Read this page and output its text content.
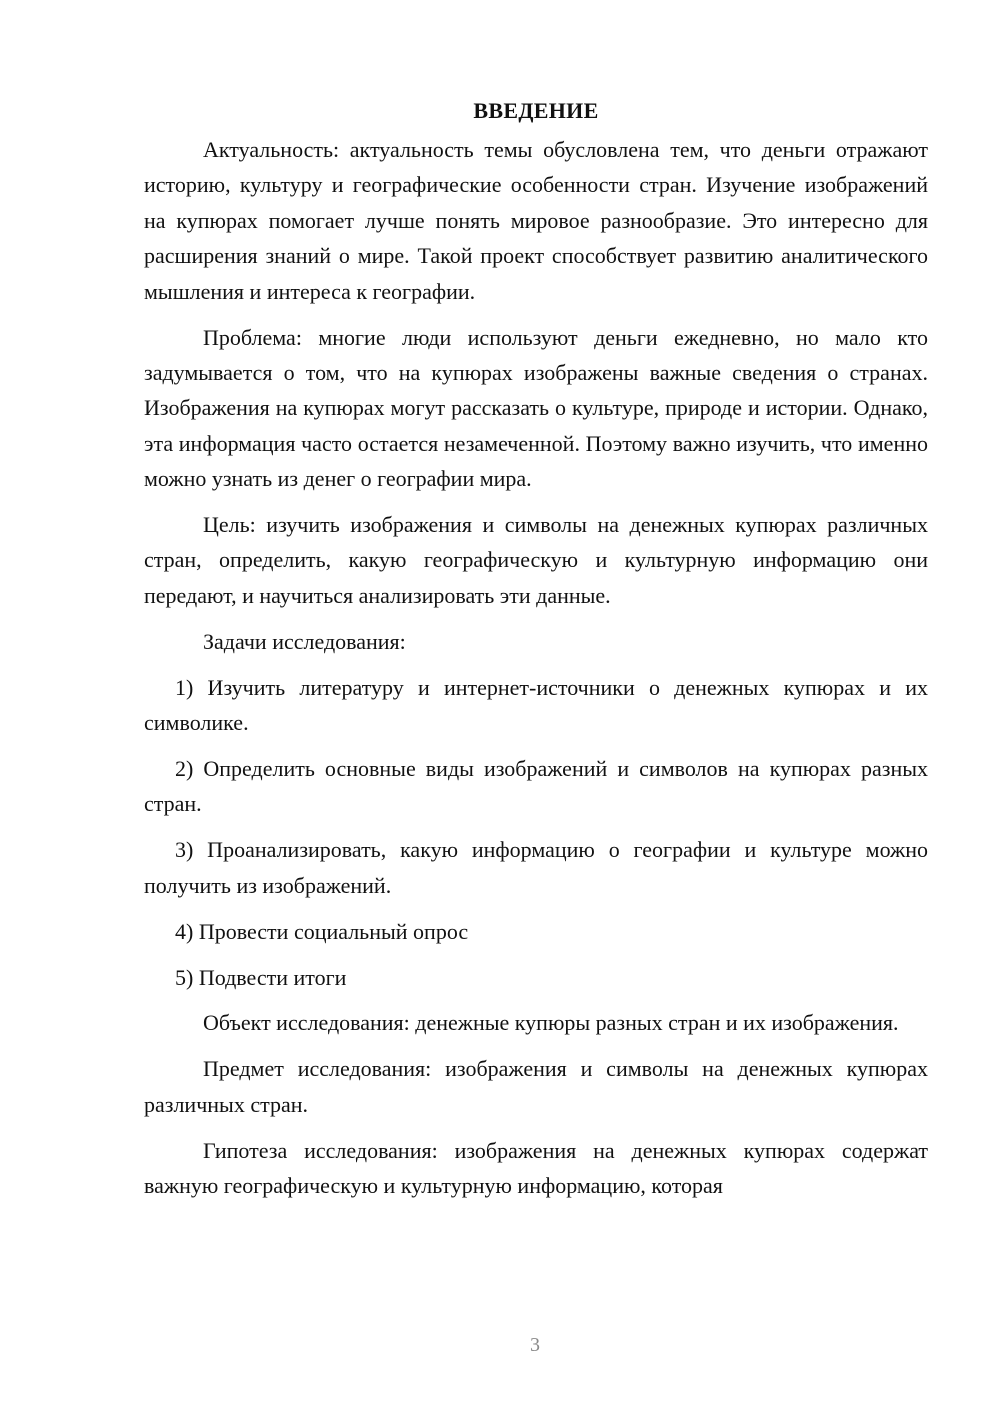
ВВЕДЕНИЕ

Актуальность: актуальность темы обусловлена тем, что деньги отражают историю, культуру и географические особенности стран. Изучение изображений на купюрах помогает лучше понять мировое разнообразие. Это интересно для расширения знаний о мире. Такой проект способствует развитию аналитического мышления и интереса к географии.

Проблема: многие люди используют деньги ежедневно, но мало кто задумывается о том, что на купюрах изображены важные сведения о странах. Изображения на купюрах могут рассказать о культуре, природе и истории. Однако, эта информация часто остается незамеченной. Поэтому важно изучить, что именно можно узнать из денег о географии мира.

Цель: изучить изображения и символы на денежных купюрах различных стран, определить, какую географическую и культурную информацию они передают, и научиться анализировать эти данные.

Задачи исследования:

1) Изучить литературу и интернет-источники о денежных купюрах и их символике.

2) Определить основные виды изображений и символов на купюрах разных стран.

3) Проанализировать, какую информацию о географии и культуре можно получить из изображений.

4) Провести социальный опрос

5) Подвести итоги

Объект исследования: денежные купюры разных стран и их изображения.

Предмет исследования: изображения и символы на денежных купюрах различных стран.

Гипотеза исследования: изображения на денежных купюрах содержат важную географическую и культурную информацию, которая

3
